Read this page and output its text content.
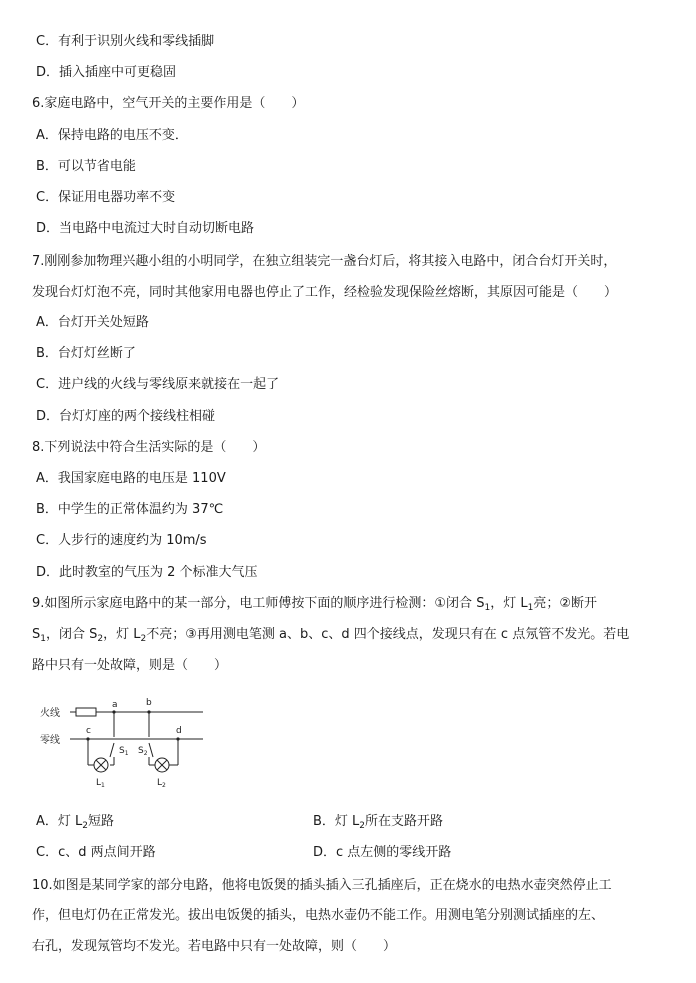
C．有利于识别火线和零线插脚
D．插入插座中可更稳固
6.家庭电路中，空气开关的主要作用是（　　）
A．保持电路的电压不变．
B．可以节省电能
C．保证用电器功率不变
D．当电路中电流过大时自动切断电路
7.刚刚参加物理兴趣小组的小明同学，在独立组装完一盏台灯后，将其接入电路中，闭合台灯开关时，
发现台灯灯泡不亮，同时其他家用电器也停止了工作，经检验发现保险丝熔断，其原因可能是（　　）
A．台灯开关处短路
B．台灯灯丝断了
C．进户线的火线与零线原来就接在一起了
D．台灯灯座的两个接线柱相碰
8.下列说法中符合生活实际的是（　　）
A．我国家庭电路的电压是 110V
B．中学生的正常体温约为 37℃
C．人步行的速度约为 10m/s
D．此时教室的气压为 2 个标准大气压
9.如图所示家庭电路中的某一部分，电工师傅按下面的顺序进行检测：①闭合 $S_1$，灯 $L_1$亮；②断开
$S_1$，闭合 $S_2$，灯 $L_2$不亮；③再用测电笔测 a、b、c、d 四个接线点，发现只有在 c 点氖管不发光。若电
路中只有一处故障，则是（　　）
火线
零线
a	b
c	d
$S_1$ $S_2$
$L_1$	$L_2$
A．灯 $L_2$短路	B．灯 $L_2$所在支路开路
C．c、d 两点间开路	D．c 点左侧的零线开路
10.如图是某同学家的部分电路，他将电饭煲的插头插入三孔插座后，正在烧水的电热水壶突然停止工
作，但电灯仍在正常发光。拔出电饭煲的插头，电热水壶仍不能工作。用测电笔分别测试插座的左、
右孔，发现氖管均不发光。若电路中只有一处故障，则（　　）
